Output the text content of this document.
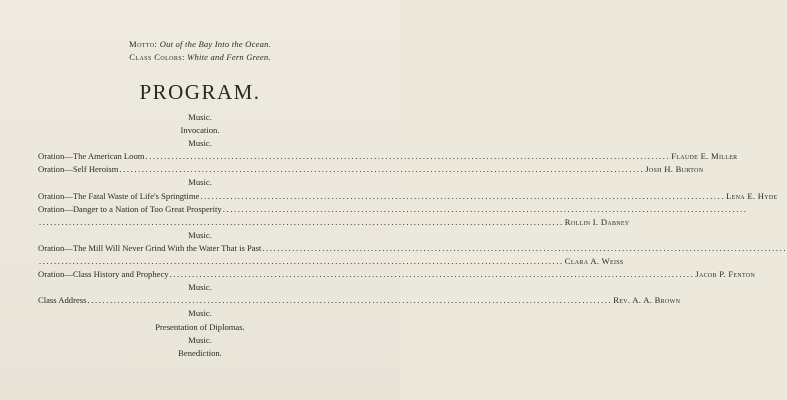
Motto: Out of the Bay Into the Ocean.
Class Colors: White and Fern Green.
PROGRAM.
Music.
Invocation.
Music.
Oration—The American Loom ............................................................................................................................................ Flaude E. Miller
Oration—Self Heroism ............................................................................................................................................ Josh H. Burton
Music.
Oration—The Fatal Waste of Life's Springtime ............................................................................................................................................ Lena E. Hyde
Oration—Danger to a Nation of Too Great Prosperity ............................................................................................................................................
............................................................................................................................................ Rollin I. Dabney
Music.
Oration—The Mill Will Never Grind With the Water That is Past ............................................................................................................................................
............................................................................................................................................ Clara A. Weiss
Oration—Class History and Prophecy ............................................................................................................................................ Jacob P. Fenton
Music.
Class Address ............................................................................................................................................ Rev. A. A. Brown
Music.
Presentation of Diplomas.
Music.
Benediction.
